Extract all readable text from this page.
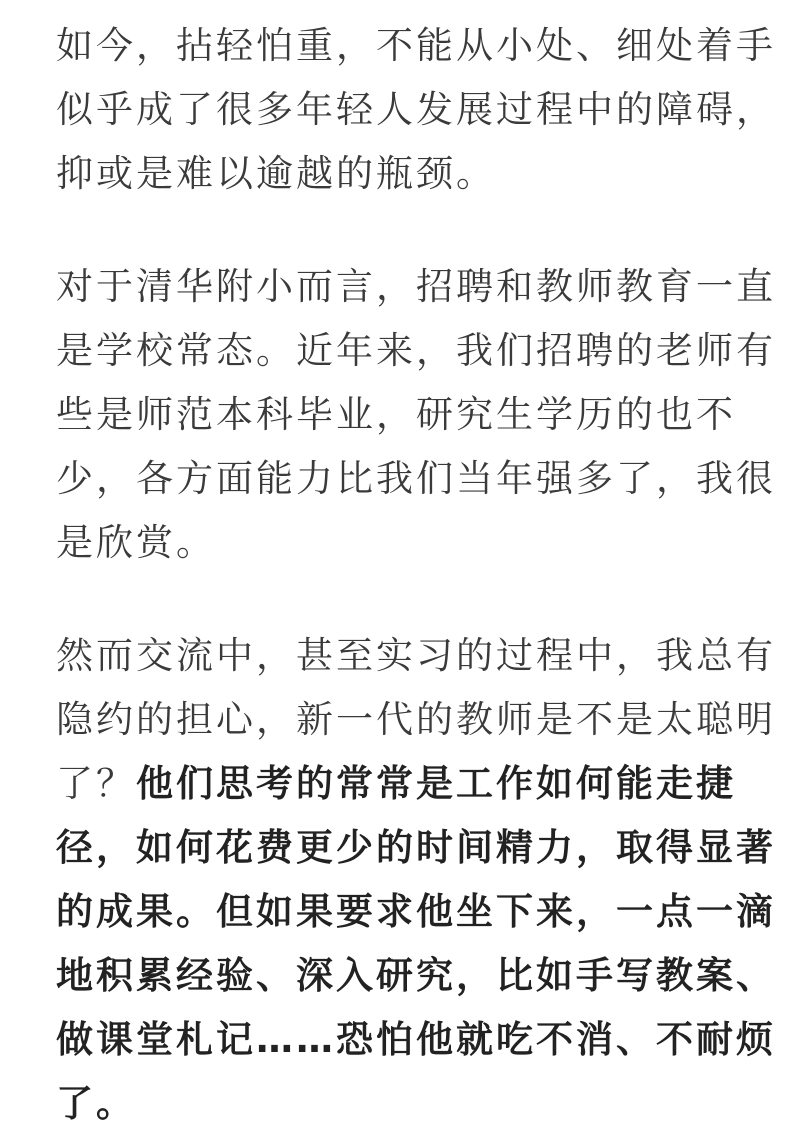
如今，拈轻怕重，不能从小处、细处着手
似乎成了很多年轻人发展过程中的障碍，
抑或是难以逾越的瓶颈。
对于清华附小而言，招聘和教师教育一直
是学校常态。近年来，我们招聘的老师有
些是师范本科毕业，研究生学历的也不
少，各方面能力比我们当年强多了，我很
是欣赏。
然而交流中，甚至实习的过程中，我总有
隐约的担心，新一代的教师是不是太聪明
了？他们思考的常常是工作如何能走捷
径，如何花费更少的时间精力，取得显著
的成果。但如果要求他坐下来，一点一滴
地积累经验、深入研究，比如手写教案、
做课堂札记……恐怕他就吃不消、不耐烦
了。
